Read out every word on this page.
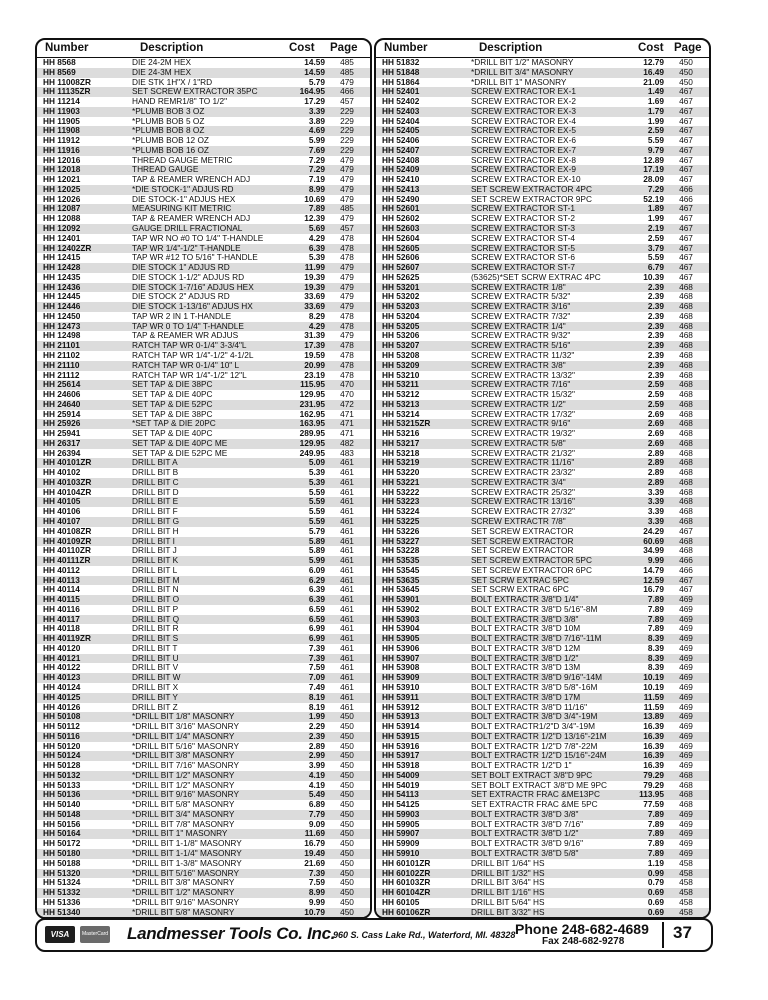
Number	Description	Cost Page
HH 8568	DIE 24-2M HEX	14.59	485
HH 8569	DIE 24-3M HEX	14.59	485
HH 11008ZR	DIE STK 1H"X / 1"RD	5.79	479
HH 11135ZR	SET SCREW EXTRACTOR 35PC	164.95	466
HH 11214	HAND REMR1/8" TO 1/2"	17.29	457
HH 11903	*PLUMB BOB 3 OZ	3.39	229
HH 11905	*PLUMB BOB 5 OZ	3.89	229
HH 11908	*PLUMB BOB 8 OZ	4.69	229
HH 11912	*PLUMB BOB 12 OZ	5.99	229
HH 11916	*PLUMB BOB 16 OZ	7.69	229
HH 12016	THREAD GAUGE METRIC	7.29	479
HH 12018	THREAD GAUGE	7.29	479
HH 12021	TAP & REAMER WRENCH ADJ	7.19	479
HH 12025	*DIE STOCK-1" ADJUS RD	8.99	479
HH 12026	DIE STOCK-1" ADJUS HEX	10.69	479
HH 12087	MEASURING KIT METRIC	7.89	485
HH 12088	TAP & REAMER WRENCH ADJ	12.39	479
HH 12092	GAUGE DRILL FRACTIONAL	5.69	457
HH 12401	TAP WR NO #0 TO 1/4" T-HANDLE	4.29	478
HH 12402ZR	TAP WR 1/4"-1/2" T-HANDLE	6.39	478
HH 12415	TAP WR #12 TO 5/16" T-HANDLE	5.39	478
HH 12428	DIE STOCK 1" ADJUS RD	11.99	479
HH 12435	DIE STOCK 1-1/2" ADJUS RD	19.39	479
HH 12436	DIE STOCK 1-7/16" ADJUS HEX	19.39	479
HH 12445	DIE STOCK 2" ADJUS RD	33.69	479
HH 12446	DIE STOCK 1-13/16" ADJUS HX	33.69	479
HH 12450	TAP WR 2 IN 1 T-HANDLE	8.29	478
HH 12473	TAP WR 0 TO 1/4" T-HANDLE	4.29	478
HH 12498	TAP & REAMER WR ADJUS	31.39	479
HH 21101	RATCH TAP WR 0-1/4" 3-3/4"L	17.39	478
HH 21102	RATCH TAP WR 1/4"-1/2" 4-1/2L	19.59	478
HH 21110	RATCH TAP WR 0-1/4" 10" L	20.99	478
HH 21112	RATCH TAP WR 1/4"-1/2" 12"L	23.19	478
HH 25614	SET TAP & DIE 38PC	115.95	470
HH 24606	SET TAP & DIE 40PC	129.95	470
HH 24640	SET TAP & DIE 52PC	231.95	472
HH 25914	SET TAP & DIE 38PC	162.95	471
HH 25926	*SET TAP & DIE 20PC	163.95	471
HH 25941	SET TAP & DIE 40PC	289.95	471
HH 26317	SET TAP & DIE 40PC ME	129.95	482
HH 26394	SET TAP & DIE 52PC ME	249.95	483
HH 40101ZR	DRILL BIT A	5.09	461
HH 40102	DRILL BIT B	5.39	461
HH 40103ZR	DRILL BIT C	5.39	461
HH 40104ZR	DRILL BIT D	5.59	461
HH 40105	DRILL BIT E	5.59	461
HH 40106	DRILL BIT F	5.59	461
HH 40107	DRILL BIT G	5.59	461
HH 40108ZR	DRILL BIT H	5.79	461
HH 40109ZR	DRILL BIT I	5.89	461
HH 40110ZR	DRILL BIT J	5.89	461
HH 40111ZR	DRILL BIT K	5.99	461
HH 40112	DRILL BIT L	6.09	461
HH 40113	DRILL BIT M	6.29	461
HH 40114	DRILL BIT N	6.39	461
HH 40115	DRILL BIT O	6.39	461
HH 40116	DRILL BIT P	6.59	461
HH 40117	DRILL BIT Q	6.59	461
HH 40118	DRILL BIT R	6.99	461
HH 40119ZR	DRILL BIT S	6.99	461
HH 40120	DRILL BIT T	7.39	461
HH 40121	DRILL BIT U	7.39	461
HH 40122	DRILL BIT V	7.59	461
HH 40123	DRILL BIT W	7.09	461
HH 40124	DRILL BIT X	7.49	461
HH 40125	DRILL BIT Y	8.19	461
HH 40126	DRILL BIT Z	8.19	461
HH 50108	*DRILL BIT 1/8" MASONRY	1.99	450
HH 50112	*DRILL BIT 3/16" MASONRY	2.29	450
HH 50116	*DRILL BIT 1/4" MASONRY	2.39	450
HH 50120	*DRILL BIT 5/16" MASONRY	2.89	450
HH 50124	*DRILL BIT 3/8" MASONRY	2.99	450
HH 50128	*DRILL BIT 7/16" MASONRY	3.99	450
HH 50132	*DRILL BIT 1/2" MASONRY	4.19	450
HH 50133	*DRILL BIT 1/2" MASONRY	4.19	450
HH 50136	*DRILL BIT 9/16" MASONRY	5.49	450
HH 50140	*DRILL BIT 5/8" MASONRY	6.89	450
HH 50148	*DRILL BIT 3/4" MASONRY	7.79	450
HH 50156	*DRILL BIT 7/8" MASONRY	9.09	450
HH 50164	*DRILL BIT 1" MASONRY	11.69	450
HH 50172	*DRILL BIT 1-1/8" MASONRY	16.79	450
HH 50180	*DRILL BIT 1-1/4" MASONRY	19.49	450
HH 50188	*DRILL BIT 1-3/8" MASONRY	21.69	450
HH 51320	*DRILL BIT 5/16" MASONRY	7.39	450
HH 51324	*DRILL BIT 3/8" MASONRY	7.59	450
HH 51332	*DRILL BIT 1/2" MASONRY	8.99	450
HH 51336	*DRILL BIT 9/16" MASONRY	9.99	450
HH 51340	*DRILL BIT 5/8" MASONRY	10.79	450
Number	Description	Cost Page
HH 51832	*DRILL BIT 1/2" MASONRY	12.79	450
HH 51848	*DRILL BIT 3/4" MASONRY	16.49	450
HH 51864	*DRILL BIT 1" MASONRY	21.09	450
HH 52401	SCREW EXTRACTOR EX-1	1.49	467
HH 52402	SCREW EXTRACTOR EX-2	1.69	467
HH 52403	SCREW EXTRACTOR EX-3	1.79	467
HH 52404	SCREW EXTRACTOR EX-4	1.99	467
HH 52405	SCREW EXTRACTOR EX-5	2.59	467
HH 52406	SCREW EXTRACTOR EX-6	5.59	467
HH 52407	SCREW EXTRACTOR EX-7	9.79	467
HH 52408	SCREW EXTRACTOR EX-8	12.89	467
HH 52409	SCREW EXTRACTOR EX-9	17.19	467
HH 52410	SCREW EXTRACTOR EX-10	28.09	467
HH 52413	SET SCREW EXTRACTOR 4PC	7.29	466
HH 52490	SET SCREW EXTRACTOR 9PC	52.19	466
HH 52601	SCREW EXTRACTOR ST-1	1.89	467
HH 52602	SCREW EXTRACTOR ST-2	1.99	467
HH 52603	SCREW EXTRACTOR ST-3	2.19	467
HH 52604	SCREW EXTRACTOR ST-4	2.59	467
HH 52605	SCREW EXTRACTOR ST-5	3.79	467
HH 52606	SCREW EXTRACTOR ST-6	5.59	467
HH 52607	SCREW EXTRACTOR ST-7	6.79	467
HH 52625	(53625)*SET SCRW EXTRAC 4PC	10.39	467
HH 53201	SCREW EXTRACTR 1/8"	2.39	468
HH 53202	SCREW EXTRACTR 5/32"	2.39	468
HH 53203	SCREW EXTRACTR 3/16"	2.39	468
HH 53204	SCREW EXTRACTR 7/32"	2.39	468
HH 53205	SCREW EXTRACTR 1/4"	2.39	468
HH 53206	SCREW EXTRACTR 9/32"	2.39	468
HH 53207	SCREW EXTRACTR 5/16"	2.39	468
HH 53208	SCREW EXTRACTR 11/32"	2.39	468
HH 53209	SCREW EXTRACTR 3/8"	2.39	468
HH 53210	SCREW EXTRACTR 13/32"	2.39	468
HH 53211	SCREW EXTRACTR 7/16"	2.59	468
HH 53212	SCREW EXTRACTR 15/32"	2.59	468
HH 53213	SCREW EXTRACTR 1/2"	2.59	468
HH 53214	SCREW EXTRACTR 17/32"	2.69	468
HH 53215ZR	SCREW EXTRACTR 9/16"	2.69	468
HH 53216	SCREW EXTRACTR 19/32"	2.69	468
HH 53217	SCREW EXTRACTR 5/8"	2.69	468
HH 53218	SCREW EXTRACTR 21/32"	2.89	468
HH 53219	SCREW EXTRACTR 11/16"	2.89	468
HH 53220	SCREW EXTRACTR 23/32"	2.89	468
HH 53221	SCREW EXTRACTR 3/4"	2.89	468
HH 53222	SCREW EXTRACTR 25/32"	3.39	468
HH 53223	SCREW EXTRACTR 13/16"	3.39	468
HH 53224	SCREW EXTRACTR 27/32"	3.39	468
HH 53225	SCREW EXTRACTR 7/8"	3.39	468
HH 53226	SET SCREW EXTRACTOR	24.29	467
HH 53227	SET SCREW EXTRACTOR	60.69	468
HH 53228	SET SCREW EXTRACTOR	34.99	468
HH 53535	SET SCREW EXTRACTOR 5PC	9.99	466
HH 53545	SET SCREW EXTRACTOR 6PC	14.79	466
HH 53635	SET SCRW EXTRAC 5PC	12.59	467
HH 53645	SET SCRW EXTRAC 6PC	16.79	467
HH 53901	BOLT EXTRACTR 3/8"D 1/4"	7.89	469
HH 53902	BOLT EXTRACTR 3/8"D 5/16"-8M	7.89	469
HH 53903	BOLT EXTRACTR 3/8"D 3/8"	7.89	469
HH 53904	BOLT EXTRACTR 3/8"D 10M	7.89	469
HH 53905	BOLT EXTRACTR 3/8"D 7/16"-11M	8.39	469
HH 53906	BOLT EXTRACTR 3/8"D 12M	8.39	469
HH 53907	BOLT EXTRACTR 3/8"D 1/2"	8.39	469
HH 53908	BOLT EXTRACTR 3/8"D 13M	8.39	469
HH 53909	BOLT EXTRACTR 3/8"D 9/16"-14M	10.19	469
HH 53910	BOLT EXTRACTR 3/8"D 5/8"-16M	10.19	469
HH 53911	BOLT EXTRACTR 3/8"D 17M	11.59	469
HH 53912	BOLT EXTRACTR 3/8"D 11/16"	11.59	469
HH 53913	BOLT EXTRACTR 3/8"D 3/4"-19M	13.89	469
HH 53914	BOLT EXTRACTR1/2"D 3/4"-19M	16.39	469
HH 53915	BOLT EXTRACTR 1/2"D 13/16"-21M	16.39	469
HH 53916	BOLT EXTRACTR 1/2"D 7/8"-22M	16.39	469
HH 53917	BOLT EXTRACTR 1/2"D 15/16"-24M	16.39	469
HH 53918	BOLT EXTRACTR 1/2"D 1"	16.39	469
HH 54009	SET BOLT EXTRACT 3/8"D 9PC	79.29	468
HH 54019	SET BOLT EXTRACT 3/8"D ME 9PC	79.29	468
HH 54113	SET EXTRACTR FRAC &ME13PC	113.95	468
HH 54125	SET EXTRACTR FRAC &ME 5PC	77.59	468
HH 59903	BOLT EXTRACTR 3/8"D 3/8"	7.89	469
HH 59905	BOLT EXTRACTR 3/8"D 7/16"	7.89	469
HH 59907	BOLT EXTRACTR 3/8"D 1/2"	7.89	469
HH 59909	BOLT EXTRACTR 3/8"D 9/16"	7.89	469
HH 59910	BOLT EXTRACTR 3/8"D 5/8"	7.89	469
HH 60101ZR	DRILL BIT 1/64" HS	1.19	458
HH 60102ZR	DRILL BIT 1/32" HS	0.99	458
HH 60103ZR	DRILL BIT 3/64" HS	0.79	458
HH 60104ZR	DRILL BIT 1/16" HS	0.69	458
HH 60105	DRILL BIT 5/64" HS	0.69	458
HH 60106ZR	DRILL BIT 3/32" HS	0.69	458
VISA	MasterCard Landmesser Tools Co. Inc.
960 S. Cass Lake Rd., Waterford, MI. 48328 Phone 248-682-4689
Fax 248-682-9278	37
